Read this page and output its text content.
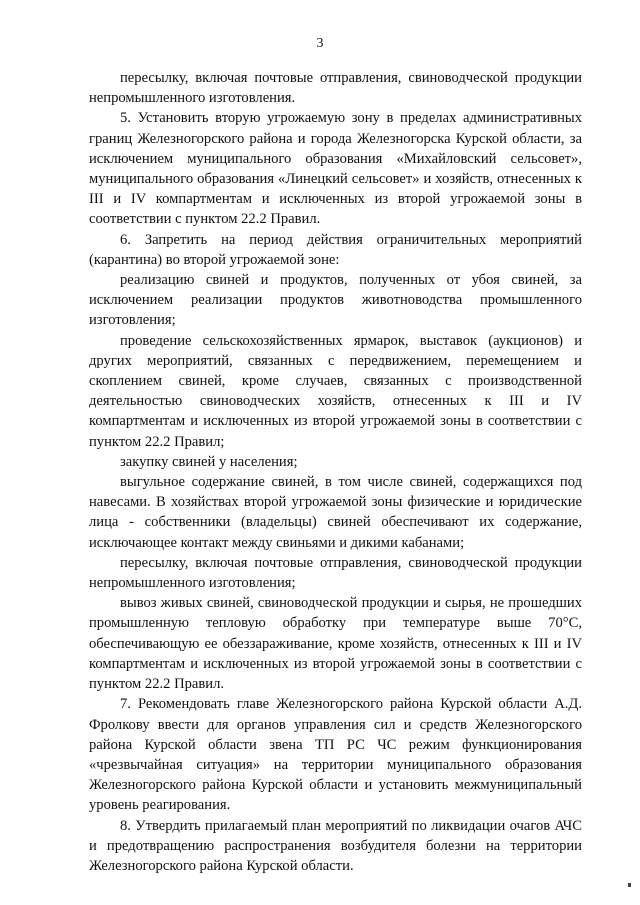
3

пересылку, включая почтовые отправления, свиноводческой продукции непромышленного изготовления.

5. Установить вторую угрожаемую зону в пределах административных границ Железногорского района и города Железногорска Курской области, за исключением муниципального образования «Михайловский сельсовет», муниципального образования «Линецкий сельсовет» и хозяйств, отнесенных к III и IV компартментам и исключенных из второй угрожаемой зоны в соответствии с пунктом 22.2 Правил.

6. Запретить на период действия ограничительных мероприятий (карантина) во второй угрожаемой зоне:

реализацию свиней и продуктов, полученных от убоя свиней, за исключением реализации продуктов животноводства промышленного изготовления;

проведение сельскохозяйственных ярмарок, выставок (аукционов) и других мероприятий, связанных с передвижением, перемещением и скоплением свиней, кроме случаев, связанных с производственной деятельностью свиноводческих хозяйств, отнесенных к III и IV компартментам и исключенных из второй угрожаемой зоны в соответствии с пунктом 22.2 Правил;

закупку свиней у населения;

выгульное содержание свиней, в том числе свиней, содержащихся под навесами. В хозяйствах второй угрожаемой зоны физические и юридические лица - собственники (владельцы) свиней обеспечивают их содержание, исключающее контакт между свиньями и дикими кабанами;

пересылку, включая почтовые отправления, свиноводческой продукции непромышленного изготовления;

вывоз живых свиней, свиноводческой продукции и сырья, не прошедших промышленную тепловую обработку при температуре выше 70°С, обеспечивающую ее обеззараживание, кроме хозяйств, отнесенных к III и IV компартментам и исключенных из второй угрожаемой зоны в соответствии с пунктом 22.2 Правил.

7. Рекомендовать главе Железногорского района Курской области А.Д. Фролкову ввести для органов управления сил и средств Железногорского района Курской области звена ТП РС ЧС режим функционирования «чрезвычайная ситуация» на территории муниципального образования Железногорского района Курской области и установить межмуниципальный уровень реагирования.

8. Утвердить прилагаемый план мероприятий по ликвидации очагов АЧС и предотвращению распространения возбудителя болезни на территории Железногорского района Курской области.
